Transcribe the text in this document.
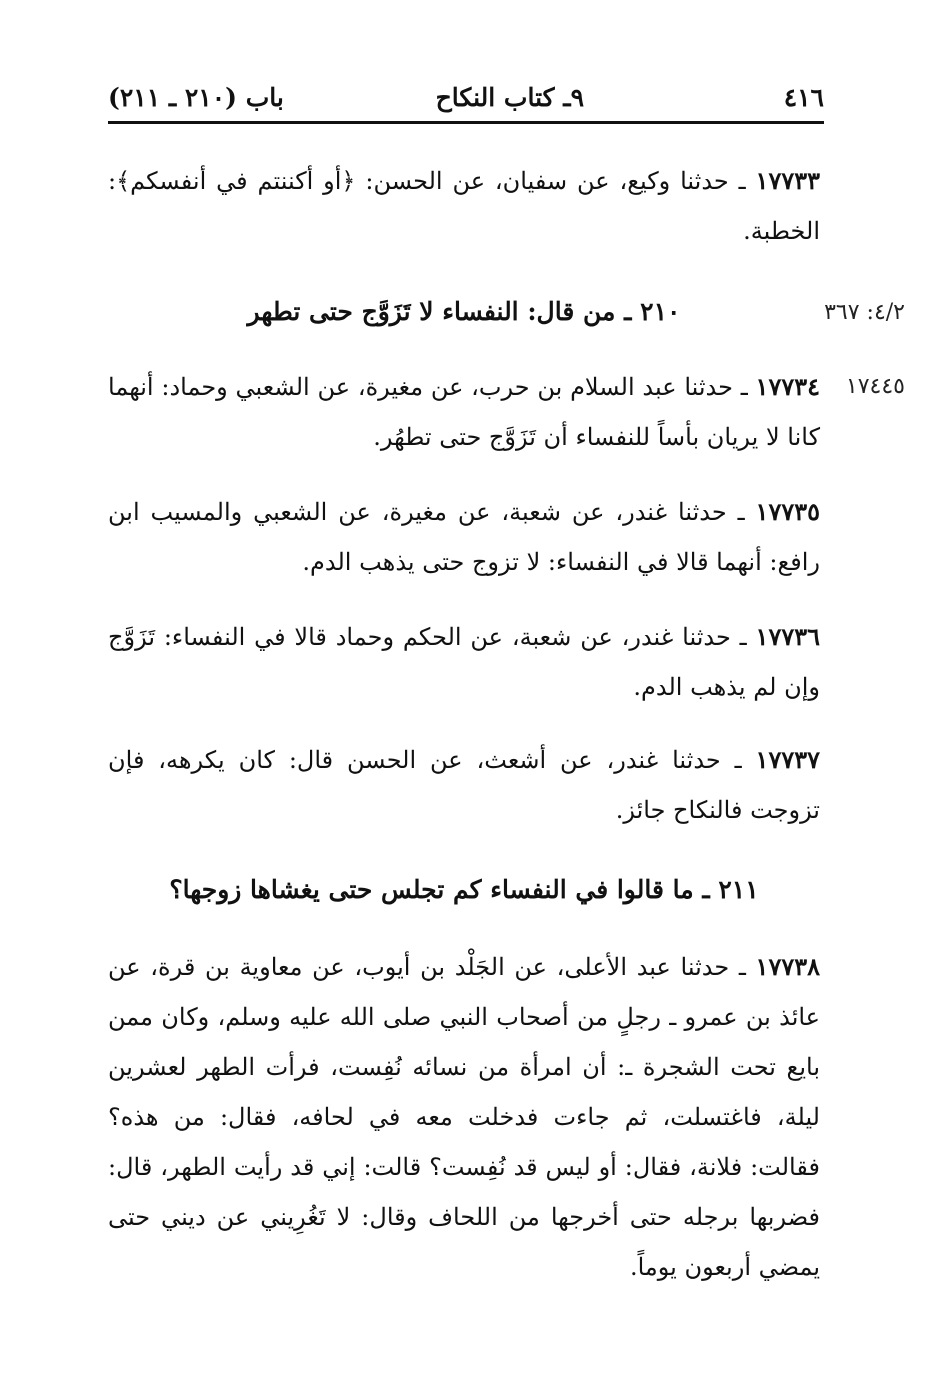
٤١٦
٩ـ كتاب النكاح
باب (٢١٠ ـ ٢١١)
١٧٧٣٣ ـ حدثنا وكيع، عن سفيان، عن الحسن: ﴿أو أكننتم في أنفسكم﴾: الخطبة.
٤/٢: ٣٦٧
٢١٠ ـ من قال: النفساء لا تَزَوَّج حتى تطهر
١٧٤٤٥
١٧٧٣٤ ـ حدثنا عبد السلام بن حرب، عن مغيرة، عن الشعبي وحماد: أنهما كانا لا يريان بأساً للنفساء أن تَزَوَّج حتى تطهُر.
١٧٧٣٥ ـ حدثنا غندر، عن شعبة، عن مغيرة، عن الشعبي والمسيب ابن رافع: أنهما قالا في النفساء: لا تزوج حتى يذهب الدم.
١٧٧٣٦ ـ حدثنا غندر، عن شعبة، عن الحكم وحماد قالا في النفساء: تَزَوَّج وإن لم يذهب الدم.
١٧٧٣٧ ـ حدثنا غندر، عن أشعث، عن الحسن قال: كان يكرهه، فإن تزوجت فالنكاح جائز.
٢١١ ـ ما قالوا في النفساء كم تجلس حتى يغشاها زوجها؟
١٧٧٣٨ ـ حدثنا عبد الأعلى، عن الجَلْد بن أيوب، عن معاوية بن قرة، عن عائذ بن عمرو ـ رجلٍ من أصحاب النبي صلى الله عليه وسلم، وكان ممن بايع تحت الشجرة ـ: أن امرأة من نسائه نُفِست، فرأت الطهر لعشرين ليلة، فاغتسلت، ثم جاءت فدخلت معه في لحافه، فقال: من هذه؟ فقالت: فلانة، فقال: أو ليس قد نُفِست؟ قالت: إني قد رأيت الطهر، قال: فضربها برجله حتى أخرجها من اللحاف وقال: لا تَغُرِيني عن ديني حتى يمضي أربعون يوماً.
